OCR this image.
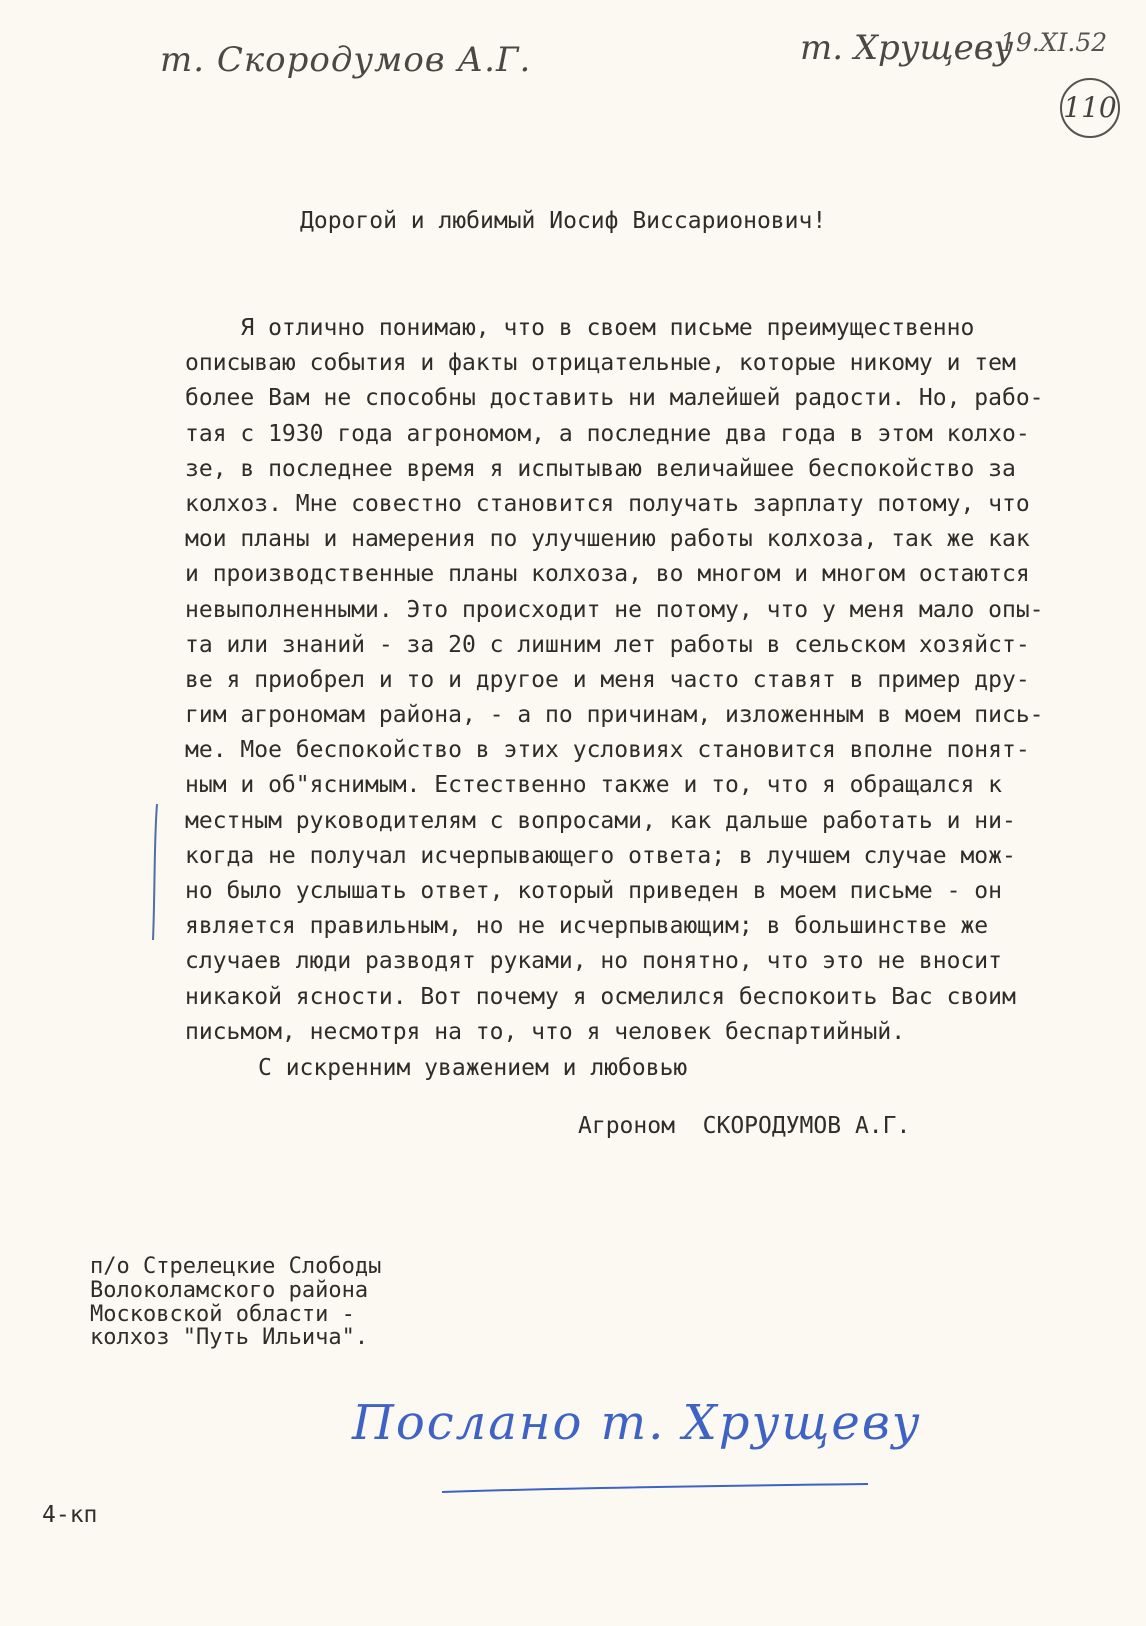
т. Скородумов А.Г.	т. Хрущеву
19.XI.52
110
Дорогой и любимый Иосиф Виссарионович!
Я отлично понимаю, что в своем письме преимущественно
описываю события и факты отрицательные, которые никому и тем
более Вам не способны доставить ни малейшей радости. Но, рабо-
тая с 1930 года агрономом, а последние два года в этом колхо-
зе, в последнее время я испытываю величайшее беспокойство за
колхоз. Мне совестно становится получать зарплату потому, что
мои планы и намерения по улучшению работы колхоза, так же как
и производственные планы колхоза, во многом и многом остаются
невыполненными. Это происходит не потому, что у меня мало опы-
та или знаний - за 20 с лишним лет работы в сельском хозяйст-
ве я приобрел и то и другое и меня часто ставят в пример дру-
гим агрономам района, - а по причинам, изложенным в моем пись-
ме. Мое беспокойство в этих условиях становится вполне понят-
ным и об"яснимым. Естественно также и то, что я обращался к
местным руководителям с вопросами, как дальше работать и ни-
когда не получал исчерпывающего ответа; в лучшем случае мож-
но было услышать ответ, который приведен в моем письме - он
является правильным, но не исчерпывающим; в большинстве же
случаев люди разводят руками, но понятно, что это не вносит
никакой ясности. Вот почему я осмелился беспокоить Вас своим
письмом, несмотря на то, что я человек беспартийный.
С искренним уважением и любовью
Агроном  СКОРОДУМОВ А.Г.
п/о Стрелецкие Слободы
Волоколамского района
Московской области -
колхоз "Путь Ильича".
Послано т. Хрущеву
4-кп
